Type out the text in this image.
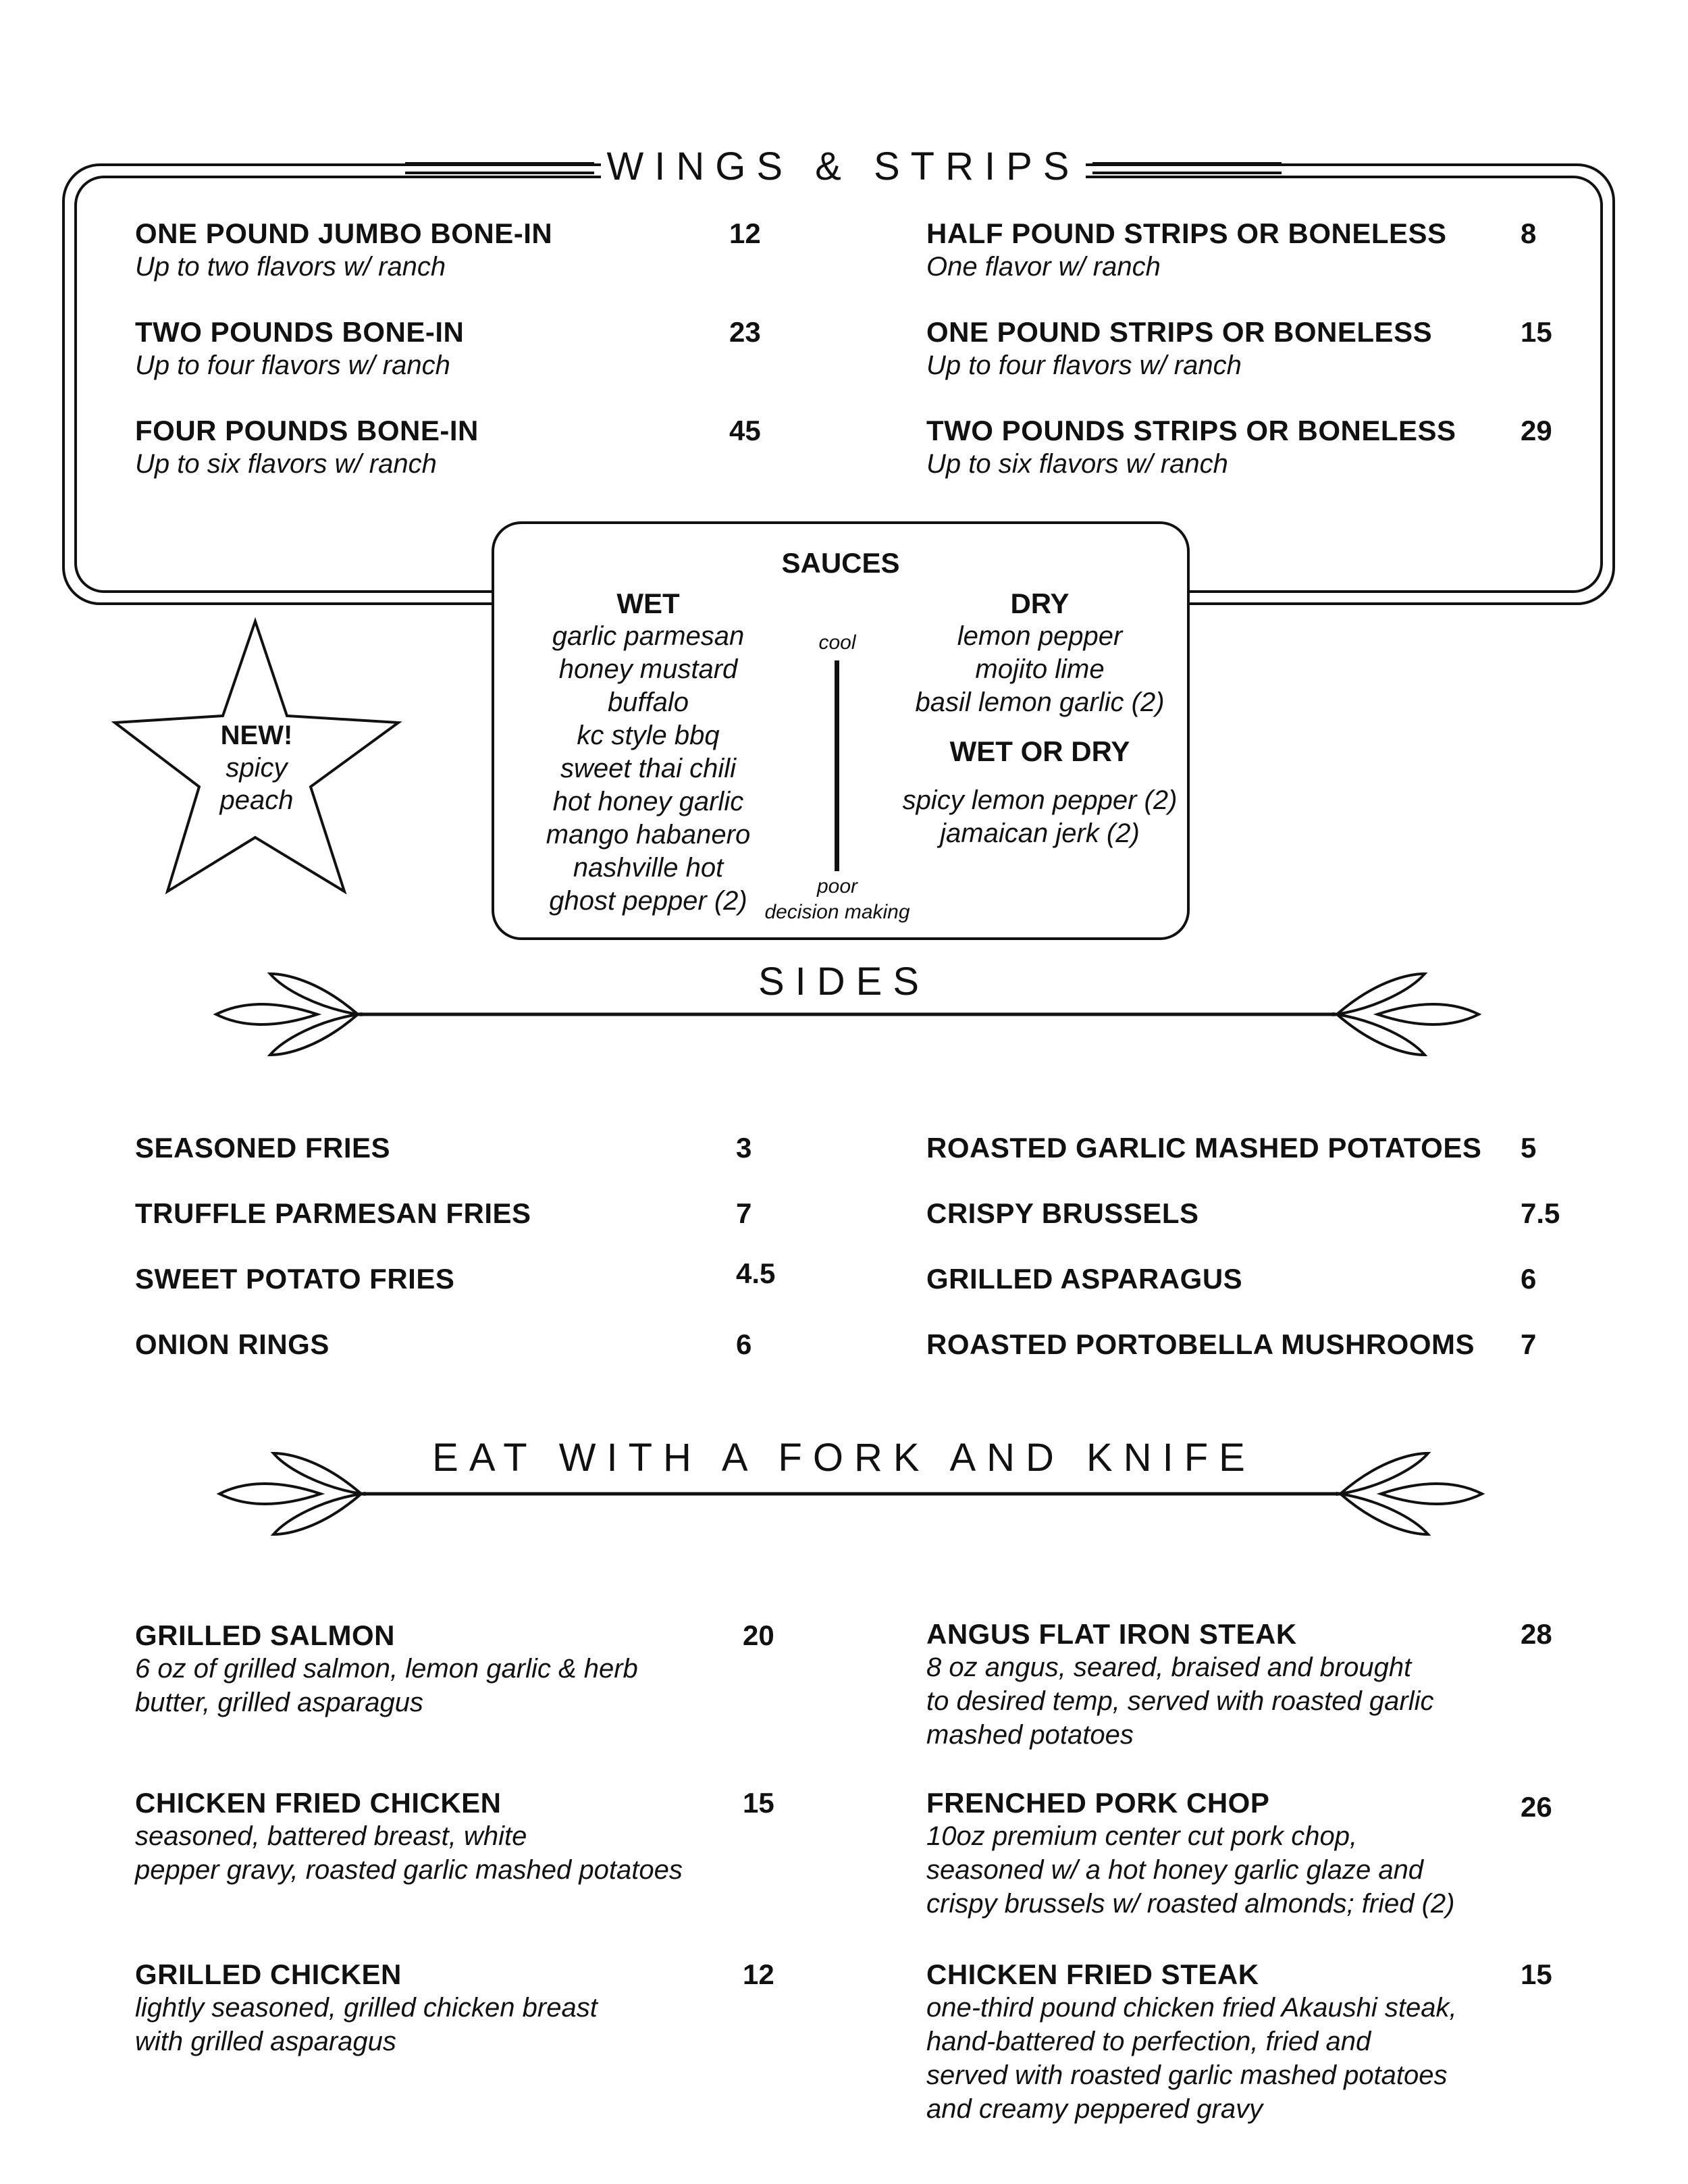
WINGS & STRIPS
ONE POUND JUMBO BONE-IN
Up to two flavors w/ ranch
12
TWO POUNDS BONE-IN
Up to four flavors w/ ranch
23
FOUR POUNDS BONE-IN
Up to six flavors w/ ranch
45
HALF POUND STRIPS OR BONELESS
One flavor w/ ranch
8
ONE POUND STRIPS OR BONELESS
Up to four flavors w/ ranch
15
TWO POUNDS STRIPS OR BONELESS
Up to six flavors w/ ranch
29
NEW!
spicy
peach
SAUCES
WET
garlic parmesan
honey mustard
buffalo
kc style bbq
sweet thai chili
hot honey garlic
mango habanero
nashville hot
ghost pepper (2)
cool
poor
decision making
DRY
lemon pepper
mojito lime
basil lemon garlic (2)
WET OR DRY
spicy lemon pepper (2)
jamaican jerk (2)
SIDES
SEASONED FRIES	3
TRUFFLE PARMESAN FRIES	7
SWEET POTATO FRIES	4.5
ONION RINGS	6
ROASTED GARLIC MASHED POTATOES	5
CRISPY BRUSSELS	7.5
GRILLED ASPARAGUS	6
ROASTED PORTOBELLA MUSHROOMS	7
EAT WITH A FORK AND KNIFE
GRILLED SALMON
6 oz of grilled salmon, lemon garlic & herb
butter, grilled asparagus
20
CHICKEN FRIED CHICKEN
seasoned, battered breast, white
pepper gravy, roasted garlic mashed potatoes
15
GRILLED CHICKEN
lightly seasoned, grilled chicken breast
with grilled asparagus
12
ANGUS FLAT IRON STEAK
8 oz angus, seared, braised and brought
to desired temp, served with roasted garlic
mashed potatoes
28
FRENCHED PORK CHOP
10oz premium center cut pork chop,
seasoned w/ a hot honey garlic glaze and
crispy brussels w/ roasted almonds; fried (2)
26
CHICKEN FRIED STEAK
one-third pound chicken fried Akaushi steak,
hand-battered to perfection, fried and
served with roasted garlic mashed potatoes
and creamy peppered gravy
15
